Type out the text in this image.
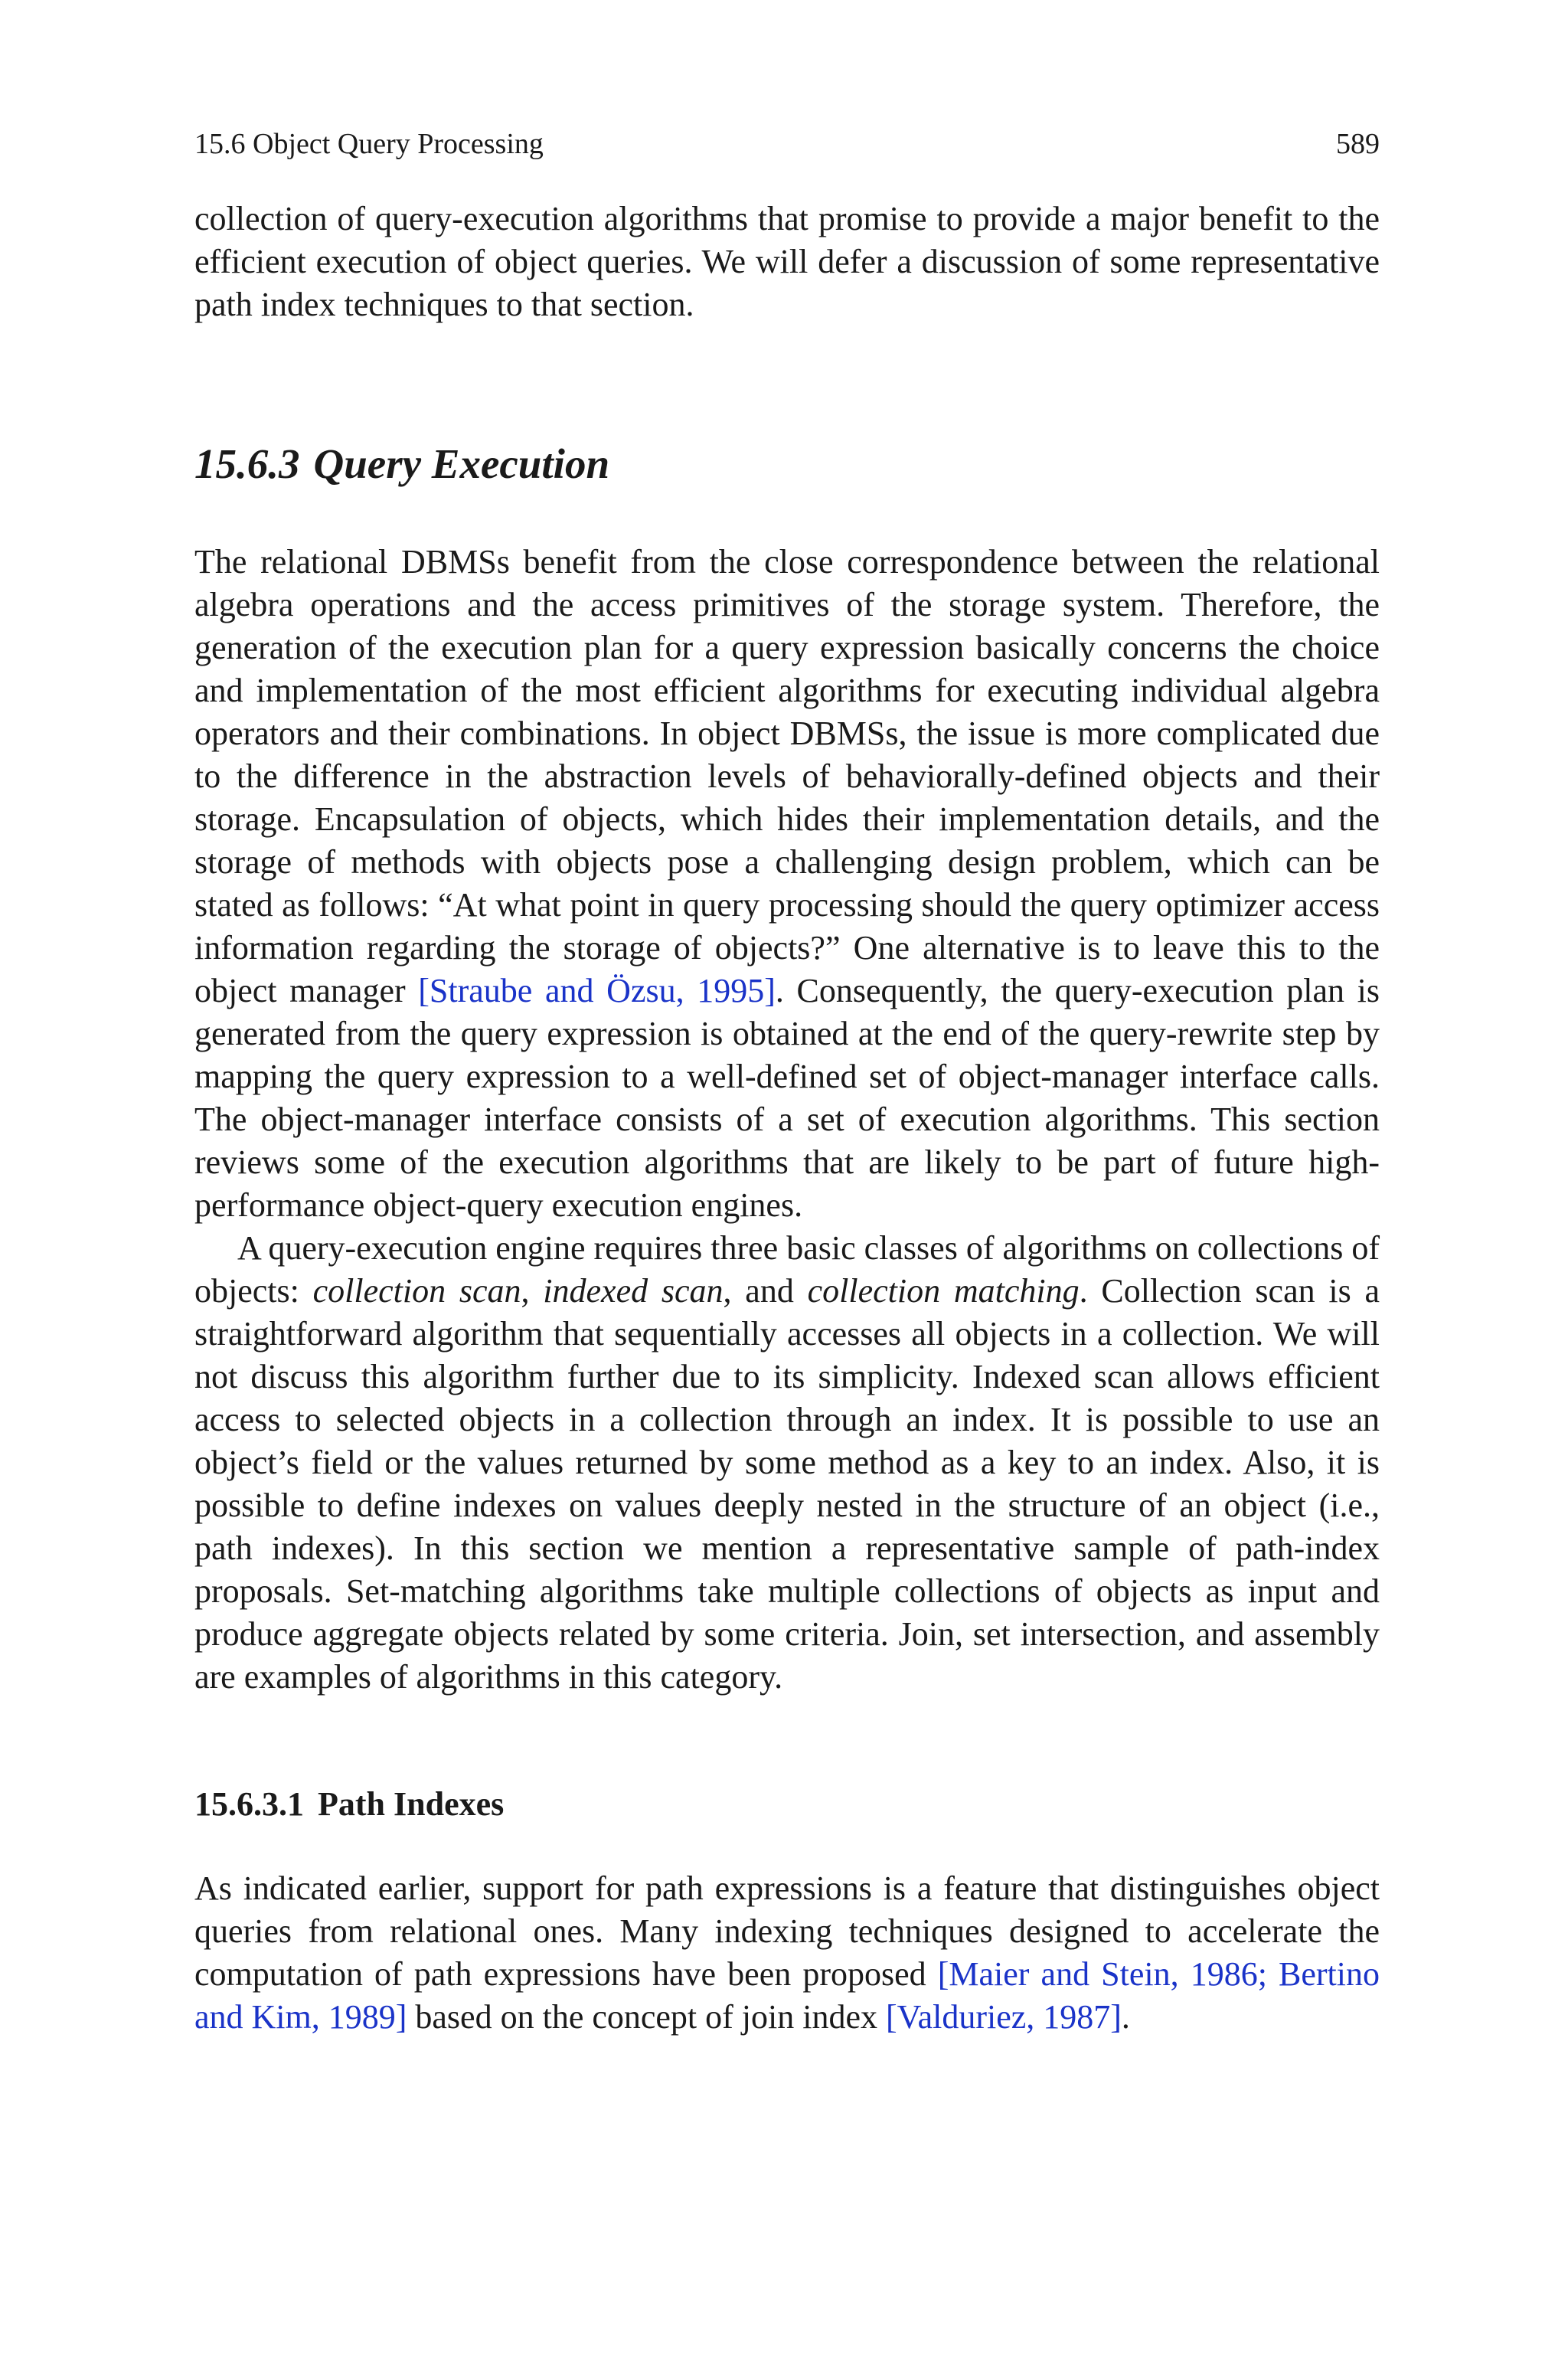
15.6 Object Query Processing	589

collection of query-execution algorithms that promise to provide a major benefit to the efficient execution of object queries. We will defer a discussion of some representative path index techniques to that section.

15.6.3 Query Execution

The relational DBMSs benefit from the close correspondence between the relational algebra operations and the access primitives of the storage system. Therefore, the generation of the execution plan for a query expression basically concerns the choice and implementation of the most efficient algorithms for executing individual algebra operators and their combinations. In object DBMSs, the issue is more complicated due to the difference in the abstraction levels of behaviorally-defined objects and their storage. Encapsulation of objects, which hides their implementation details, and the storage of methods with objects pose a challenging design problem, which can be stated as follows: “At what point in query processing should the query optimizer access information regarding the storage of objects?” One alternative is to leave this to the object manager [Straube and Özsu, 1995]. Consequently, the query-execution plan is generated from the query expression is obtained at the end of the query-rewrite step by mapping the query expression to a well-defined set of object-manager interface calls. The object-manager interface consists of a set of execution algorithms. This section reviews some of the execution algorithms that are likely to be part of future high-performance object-query execution engines.

A query-execution engine requires three basic classes of algorithms on collections of objects: collection scan, indexed scan, and collection matching. Collection scan is a straightforward algorithm that sequentially accesses all objects in a collection. We will not discuss this algorithm further due to its simplicity. Indexed scan allows efficient access to selected objects in a collection through an index. It is possible to use an object’s field or the values returned by some method as a key to an index. Also, it is possible to define indexes on values deeply nested in the structure of an object (i.e., path indexes). In this section we mention a representative sample of path-index proposals. Set-matching algorithms take multiple collections of objects as input and produce aggregate objects related by some criteria. Join, set intersection, and assembly are examples of algorithms in this category.

15.6.3.1 Path Indexes

As indicated earlier, support for path expressions is a feature that distinguishes object queries from relational ones. Many indexing techniques designed to accelerate the computation of path expressions have been proposed [Maier and Stein, 1986; Bertino and Kim, 1989] based on the concept of join index [Valduriez, 1987].
